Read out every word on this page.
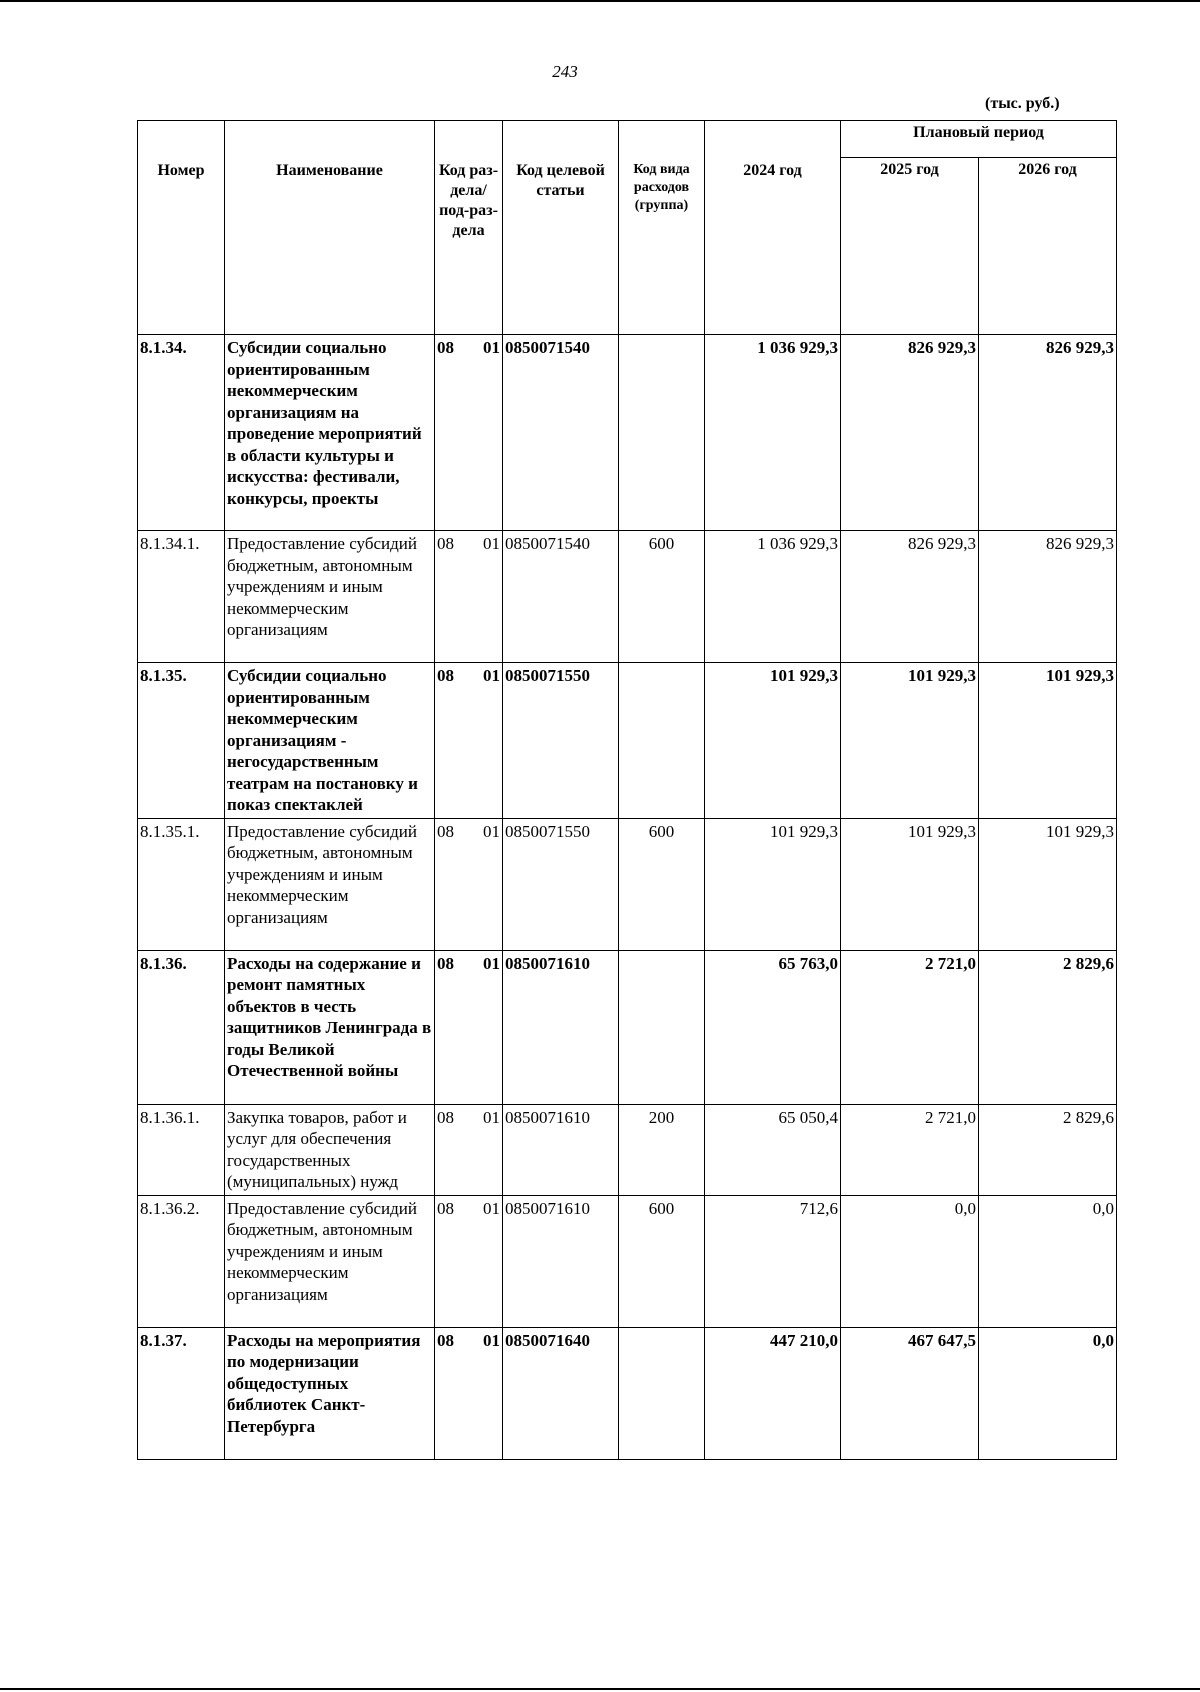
243
(тыс. руб.)
Номер	Наименование	Код раз-дела/ под-раз-дела	Код целевой статьи	Код вида расходов (группа)	2024 год	Плановый период	
						2025 год	2026 год
8.1.34.	Субсидии социально ориентированным некоммерческим организациям на проведение мероприятий в области культуры и искусства: фестивали, конкурсы, проекты	08 01	0850071540		1 036 929,3	826 929,3	826 929,3
8.1.34.1.	Предоставление субсидий бюджетным, автономным учреждениям и иным некоммерческим организациям	08 01	0850071540	600	1 036 929,3	826 929,3	826 929,3
8.1.35.	Субсидии социально ориентированным некоммерческим организациям - негосударственным театрам на постановку и показ спектаклей	08 01	0850071550		101 929,3	101 929,3	101 929,3
8.1.35.1.	Предоставление субсидий бюджетным, автономным учреждениям и иным некоммерческим организациям	08 01	0850071550	600	101 929,3	101 929,3	101 929,3
8.1.36.	Расходы на содержание и ремонт памятных объектов в честь защитников Ленинграда в годы Великой Отечественной войны	08 01	0850071610		65 763,0	2 721,0	2 829,6
8.1.36.1.	Закупка товаров, работ и услуг для обеспечения государственных (муниципальных) нужд	08 01	0850071610	200	65 050,4	2 721,0	2 829,6
8.1.36.2.	Предоставление субсидий бюджетным, автономным учреждениям и иным некоммерческим организациям	08 01	0850071610	600	712,6	0,0	0,0
8.1.37.	Расходы на мероприятия по модернизации общедоступных библиотек Санкт-Петербурга	08 01	0850071640		447 210,0	467 647,5	0,0
